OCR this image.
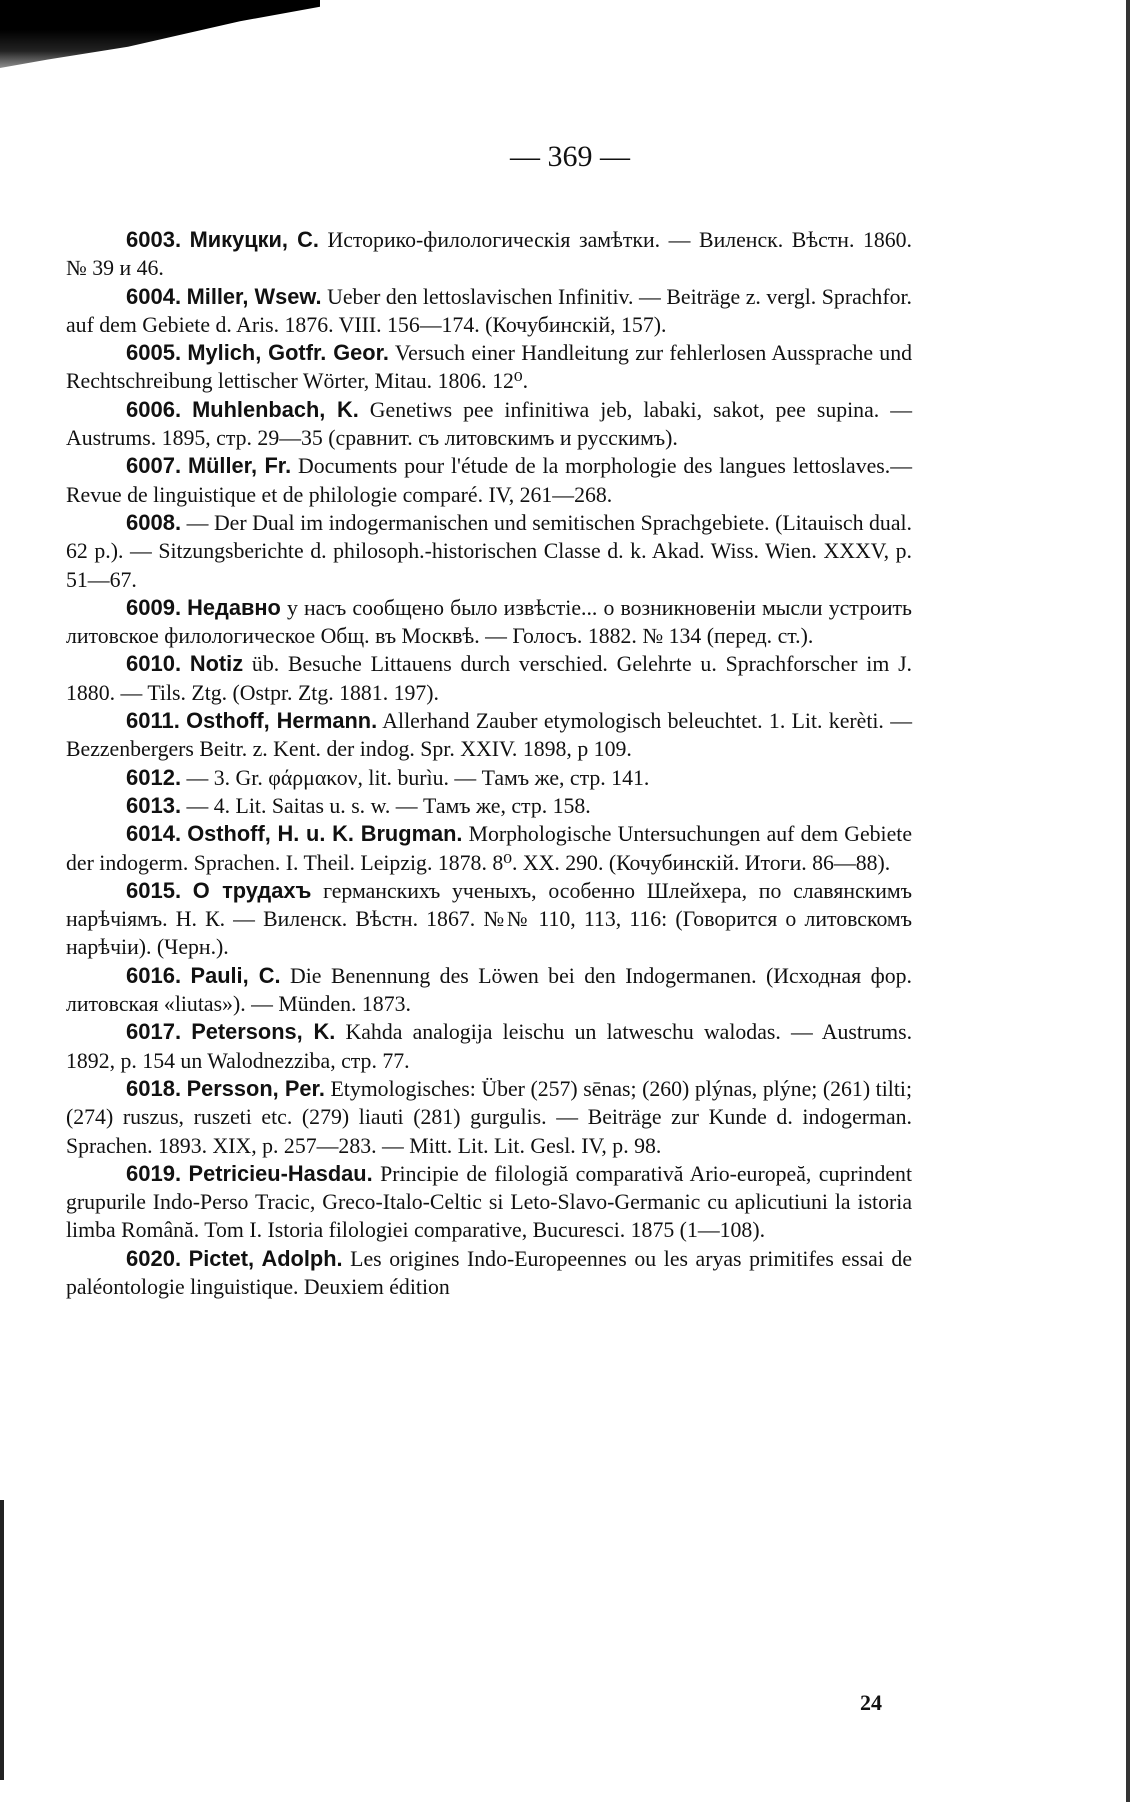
— 369 —

6003. Микуцки, С. Историко-филологическiя замѣтки. — Виленск. Вѣстн. 1860. № 39 и 46.

6004. Miller, Wsew. Ueber den lettoslavischen Infinitiv. — Beiträge z. vergl. Sprachfor. auf dem Gebiete d. Aris. 1876. VIII. 156—174. (Кочубинскiй, 157).

6005. Mylich, Gotfr. Geor. Versuch einer Handleitung zur fehlerlosen Aussprache und Rechtschreibung lettischer Wörter, Mitau. 1806. 12⁰.

6006. Muhlenbach, K. Genetiws pee infinitiwa jeb, labaki, sakot, pee supina. — Austrums. 1895, стр. 29—35 (сравнит. съ литовскимъ и русскимъ).

6007. Müller, Fr. Documents pour l'étude de la morphologie des langues lettoslaves.—Revue de linguistique et de philologie comparé. IV, 261—268.

6008. — Der Dual im indogermanischen und semitischen Sprachgebiete. (Litauisch dual. 62 p.). — Sitzungsberichte d. philosoph.-historischen Classe d. k. Akad. Wiss. Wien. XXXV, p. 51—67.

6009. Недавно у насъ сообщено было извѣстiе... о возникновенiи мысли устроить литовское филологическое Общ. въ Москвѣ. — Голосъ. 1882. № 134 (перед. ст.).

6010. Notiz üb. Besuche Littauens durch verschied. Gelehrte u. Sprachforscher im J. 1880. — Tils. Ztg. (Ostpr. Ztg. 1881. 197).

6011. Osthoff, Hermann. Allerhand Zauber etymologisch beleuchtet. 1. Lit. kerèti. — Bezzenbergers Beitr. z. Kent. der indog. Spr. XXIV. 1898, p 109.

6012. — 3. Gr. φάρμακον, lit. burìu. — Тамъ же, стр. 141.

6013. — 4. Lit. Saitas u. s. w. — Тамъ же, стр. 158.

6014. Osthoff, H. u. K. Brugman. Morphologische Untersuchungen auf dem Gebiete der indogerm. Sprachen. I. Theil. Leipzig. 1878. 8⁰. XX. 290. (Кочубинскiй. Итоги. 86—88).

6015. О трудахъ германскихъ ученыхъ, особенно Шлейхера, по славянскимъ нарѣчiямъ. Н. К. — Виленск. Вѣстн. 1867. №№ 110, 113, 116: (Говорится о литовскомъ нарѣчiи). (Черн.).

6016. Pauli, C. Die Benennung des Löwen bei den Indogermanen. (Исходная фор. литовская «liutas»). — Münden. 1873.

6017. Petersons, K. Kahda analogija leischu un latweschu walodas. — Austrums. 1892, p. 154 un Walodnezziba, стр. 77.

6018. Persson, Per. Etymologisches: Über (257) sēnas; (260) plýnas, plýne; (261) tilti; (274) ruszus, ruszeti etc. (279) liauti (281) gurgulis. — Beiträge zur Kunde d. indogerman. Sprachen. 1893. XIX, p. 257—283. — Mitt. Lit. Lit. Gesl. IV, p. 98.

6019. Petricieu-Hasdau. Principie de filologiă comparativă Ario-europeă, cuprindent grupurile Indo-Perso Tracic, Greco-Italo-Celtic si Leto-Slavo-Germanic cu aplicutiuni la istoria limba Română. Tom I. Istoria filologiei comparative, Bucuresci. 1875 (1—108).

6020. Pictet, Adolph. Les origines Indo-Europeennes ou les aryas primitifes essai de paléontologie linguistique. Deuxiem édition

24
